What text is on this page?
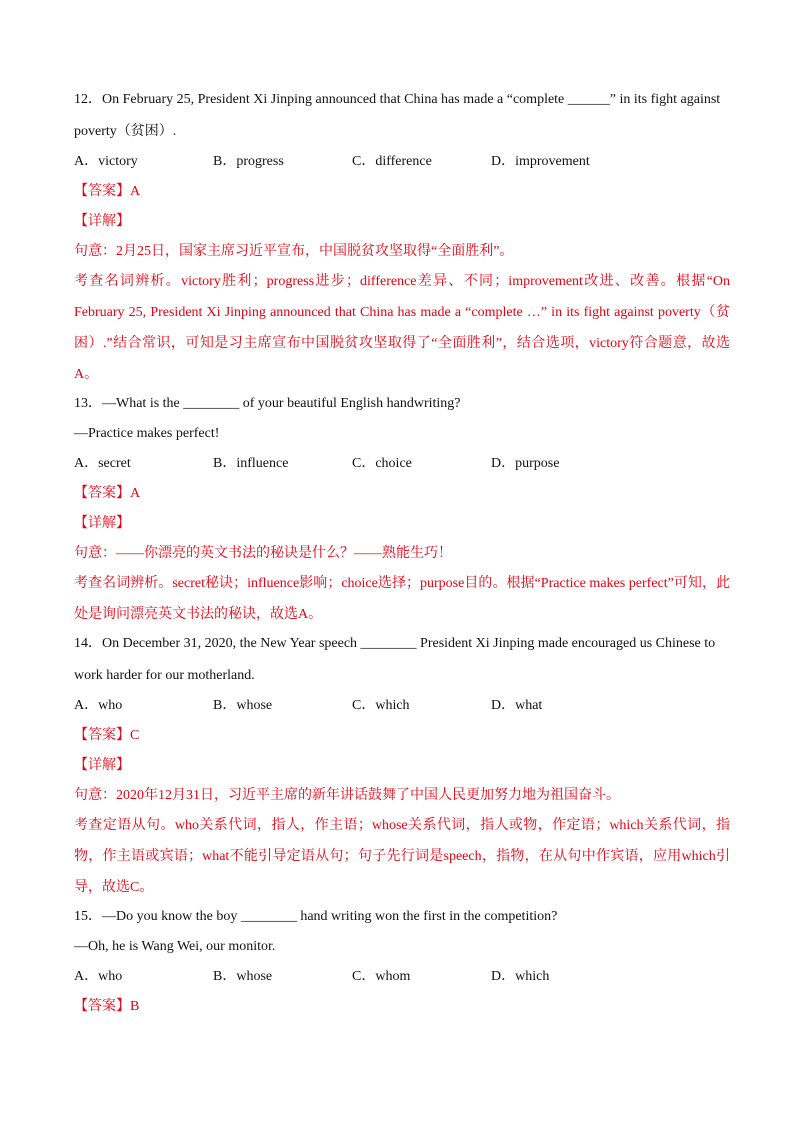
12．On February 25, President Xi Jinping announced that China has made a “complete ______” in its fight against
poverty（贫困）.
A．victory	B．progress	C．difference	D．improvement
【答案】A
【详解】
句意：2月25日，国家主席习近平宣布，中国脱贫攻坚取得“全面胜利”。
考查名词辨析。victory胜利；progress进步；difference差异、不同；improvement改进、改善。根据“On February 25, President Xi Jinping announced that China has made a “complete …” in its fight against poverty（贫困）.”结合常识，可知是习主席宣布中国脱贫攻坚取得了“全面胜利”，结合选项，victory符合题意，故选A。
13．—What is the ________ of your beautiful English handwriting?
—Practice makes perfect!
A．secret	B．influence	C．choice	D．purpose
【答案】A
【详解】
句意：——你漂亮的英文书法的秘诀是什么？——熟能生巧！
考查名词辨析。secret秘诀；influence影响；choice选择；purpose目的。根据“Practice makes perfect”可知，此处是询问漂亮英文书法的秘诀，故选A。
14．On December 31, 2020, the New Year speech ________ President Xi Jinping made encouraged us Chinese to
work harder for our motherland.
A．who	B．whose	C．which	D．what
【答案】C
【详解】
句意：2020年12月31日，习近平主席的新年讲话鼓舞了中国人民更加努力地为祖国奋斗。
考查定语从句。who关系代词，指人，作主语；whose关系代词，指人或物，作定语；which关系代词，指物，作主语或宾语；what不能引导定语从句；句子先行词是speech，指物，在从句中作宾语，应用which引导，故选C。
15．—Do you know the boy ________ hand writing won the first in the competition?
—Oh, he is Wang Wei, our monitor.
A．who	B．whose	C．whom	D．which
【答案】B
